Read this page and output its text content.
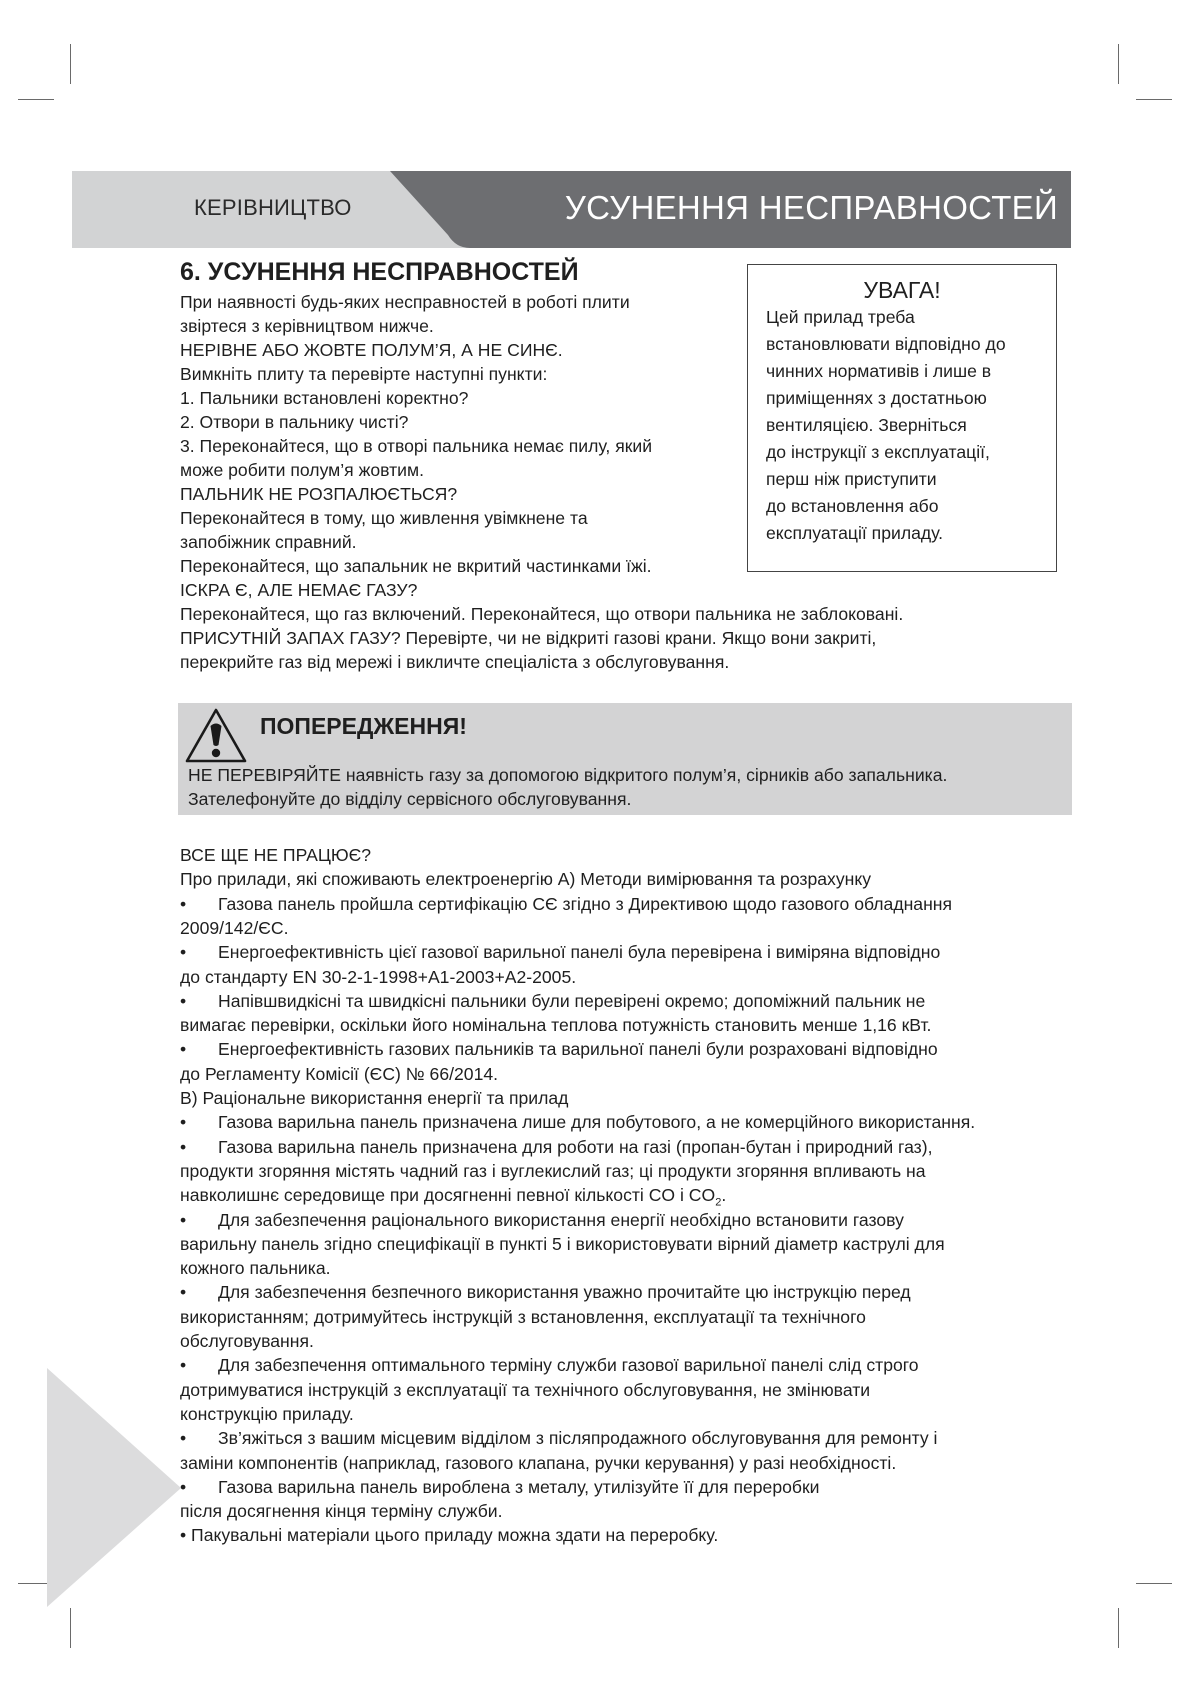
КЕРІВНИЦТВО	УСУНЕННЯ НЕСПРАВНОСТЕЙ
6. УСУНЕННЯ НЕСПРАВНОСТЕЙ
При наявності будь-яких несправностей в роботі плити
звіртеся з керівництвом нижче.
НЕРІВНЕ АБО ЖОВТЕ ПОЛУМ’Я, А НЕ СИНЄ.
Вимкніть плиту та перевірте наступні пункти:
1. Пальники встановлені коректно?
2. Отвори в пальнику чисті?
3. Переконайтеся, що в отворі пальника немає пилу, який
може робити полум’я жовтим.
ПАЛЬНИК НЕ РОЗПАЛЮЄТЬСЯ?
Переконайтеся в тому, що живлення увімкнене та
запобіжник справний.
Переконайтеся, що запальник не вкритий частинками їжі.
ІСКРА Є, АЛЕ НЕМАЄ ГАЗУ?
Переконайтеся, що газ включений. Переконайтеся, що отвори пальника не заблоковані.
ПРИСУТНІЙ ЗАПАХ ГАЗУ? Перевірте, чи не відкриті газові крани. Якщо вони закриті,
перекрийте газ від мережі і викличте спеціаліста з обслуговування.
УВАГА!
Цей прилад треба
встановлювати відповідно до
чинних нормативів і лише в
приміщеннях з достатньою
вентиляцією. Зверніться
до інструкції з експлуатації,
перш ніж приступити
до встановлення або
експлуатації приладу.
ПОПЕРЕДЖЕННЯ!
НЕ ПЕРЕВІРЯЙТЕ наявність газу за допомогою відкритого полум’я, сірників або запальника.
Зателефонуйте до відділу сервісного обслуговування.
ВСЕ ЩЕ НЕ ПРАЦЮЄ?
Про прилади, які споживають електроенергію А) Методи вимірювання та розрахунку
• Газова панель пройшла сертифікацію CЄ згідно з Директивою щодо газового обладнання
2009/142/ЄС.
• Енергоефективність цієї газової варильної панелі була перевірена і виміряна відповідно
до стандарту EN 30-2-1-1998+A1-2003+A2-2005.
• Напівшвидкісні та швидкісні пальники були перевірені окремо; допоміжний пальник не
вимагає перевірки, оскільки його номінальна теплова потужність становить менше 1,16 кВт.
• Енергоефективність газових пальників та варильної панелі були розраховані відповідно
до Регламенту Комісії (ЄС) № 66/2014.
В) Раціональне використання енергії та прилад
• Газова варильна панель призначена лише для побутового, а не комерційного використання.
• Газова варильна панель призначена для роботи на газі (пропан-бутан і природний газ),
продукти згоряння містять чадний газ і вуглекислий газ; ці продукти згоряння впливають на
навколишнє середовище при досягненні певної кількості CO і $CO_2$.
• Для забезпечення раціонального використання енергії необхідно встановити газову
варильну панель згідно специфікації в пункті 5 і використовувати вірний діаметр каструлі для
кожного пальника.
• Для забезпечення безпечного використання уважно прочитайте цю інструкцію перед
використанням; дотримуйтесь інструкцій з встановлення, експлуатації та технічного
обслуговування.
• Для забезпечення оптимального терміну служби газової варильної панелі слід строго
дотримуватися інструкцій з експлуатації та технічного обслуговування, не змінювати
конструкцію приладу.
• Зв’яжіться з вашим місцевим відділом з післяпродажного обслуговування для ремонту і
заміни компонентів (наприклад, газового клапана, ручки керування) у разі необхідності.
• Газова варильна панель вироблена з металу, утилізуйте її для переробки
після досягнення кінця терміну служби.
• Пакувальні матеріали цього приладу можна здати на переробку.
